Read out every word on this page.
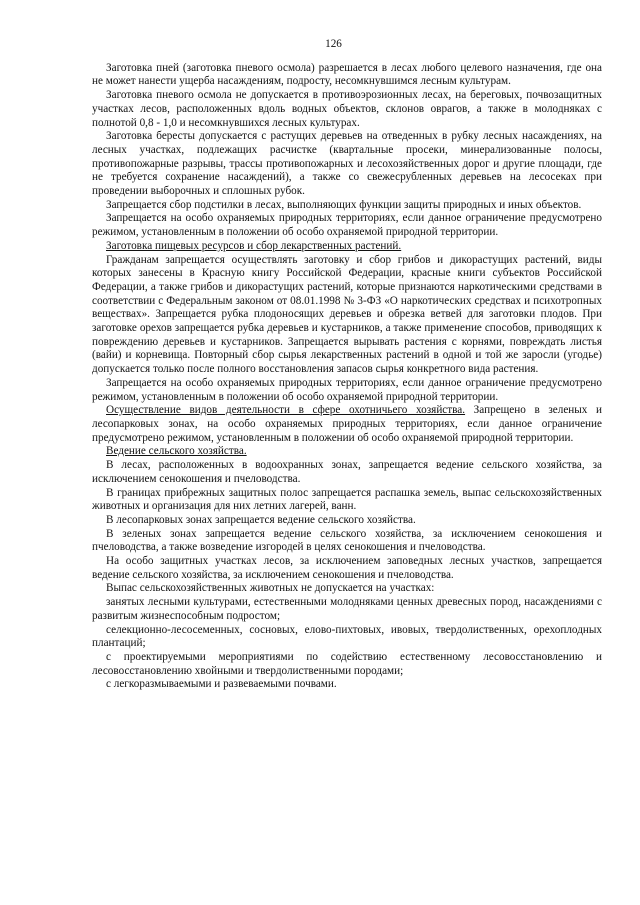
126

Заготовка пней (заготовка пневого осмола) разрешается в лесах любого целевого назначения, где она не может нанести ущерба насаждениям, подросту, несомкнувшимся лесным культурам.

Заготовка пневого осмола не допускается в противоэрозионных лесах, на береговых, почвозащитных участках лесов, расположенных вдоль водных объектов, склонов оврагов, а также в молодняках с полнотой 0,8 - 1,0 и несомкнувшихся лесных культурах.

Заготовка бересты допускается с растущих деревьев на отведенных в рубку лесных насаждениях, на лесных участках, подлежащих расчистке (квартальные просеки, минерализованные полосы, противопожарные разрывы, трассы противопожарных и лесохозяйственных дорог и другие площади, где не требуется сохранение насаждений), а также со свежесрубленных деревьев на лесосеках при проведении выборочных и сплошных рубок.

Запрещается сбор подстилки в лесах, выполняющих функции защиты природных и иных объектов.

Запрещается на особо охраняемых природных территориях, если данное ограничение предусмотрено режимом, установленным в положении об особо охраняемой природной территории.

Заготовка пищевых ресурсов и сбор лекарственных растений.

Гражданам запрещается осуществлять заготовку и сбор грибов и дикорастущих растений, виды которых занесены в Красную книгу Российской Федерации, красные книги субъектов Российской Федерации, а также грибов и дикорастущих растений, которые признаются наркотическими средствами в соответствии с Федеральным законом от 08.01.1998 № 3-ФЗ «О наркотических средствах и психотропных веществах». Запрещается рубка плодоносящих деревьев и обрезка ветвей для заготовки плодов. При заготовке орехов запрещается рубка деревьев и кустарников, а также применение способов, приводящих к повреждению деревьев и кустарников. Запрещается вырывать растения с корнями, повреждать листья (вайи) и корневища. Повторный сбор сырья лекарственных растений в одной и той же заросли (угодье) допускается только после полного восстановления запасов сырья конкретного вида растения.

Запрещается на особо охраняемых природных территориях, если данное ограничение предусмотрено режимом, установленным в положении об особо охраняемой природной территории.

Осуществление видов деятельности в сфере охотничьего хозяйства. Запрещено в зеленых и лесопарковых зонах, на особо охраняемых природных территориях, если данное ограничение предусмотрено режимом, установленным в положении об особо охраняемой природной территории.

Ведение сельского хозяйства.

В лесах, расположенных в водоохранных зонах, запрещается ведение сельского хозяйства, за исключением сенокошения и пчеловодства.

В границах прибрежных защитных полос запрещается распашка земель, выпас сельскохозяйственных животных и организация для них летних лагерей, ванн.

В лесопарковых зонах запрещается ведение сельского хозяйства.

В зеленых зонах запрещается ведение сельского хозяйства, за исключением сенокошения и пчеловодства, а также возведение изгородей в целях сенокошения и пчеловодства.

На особо защитных участках лесов, за исключением заповедных лесных участков, запрещается ведение сельского хозяйства, за исключением сенокошения и пчеловодства.

Выпас сельскохозяйственных животных не допускается на участках:

занятых лесными культурами, естественными молодняками ценных древесных пород, насаждениями с развитым жизнеспособным подростом;

селекционно-лесосеменных, сосновых, елово-пихтовых, ивовых, твердолиственных, орехоплодных плантаций;

с проектируемыми мероприятиями по содействию естественному лесовосстановлению и лесовосстановлению хвойными и твердолиственными породами;

с легкоразмываемыми и развеваемыми почвами.
